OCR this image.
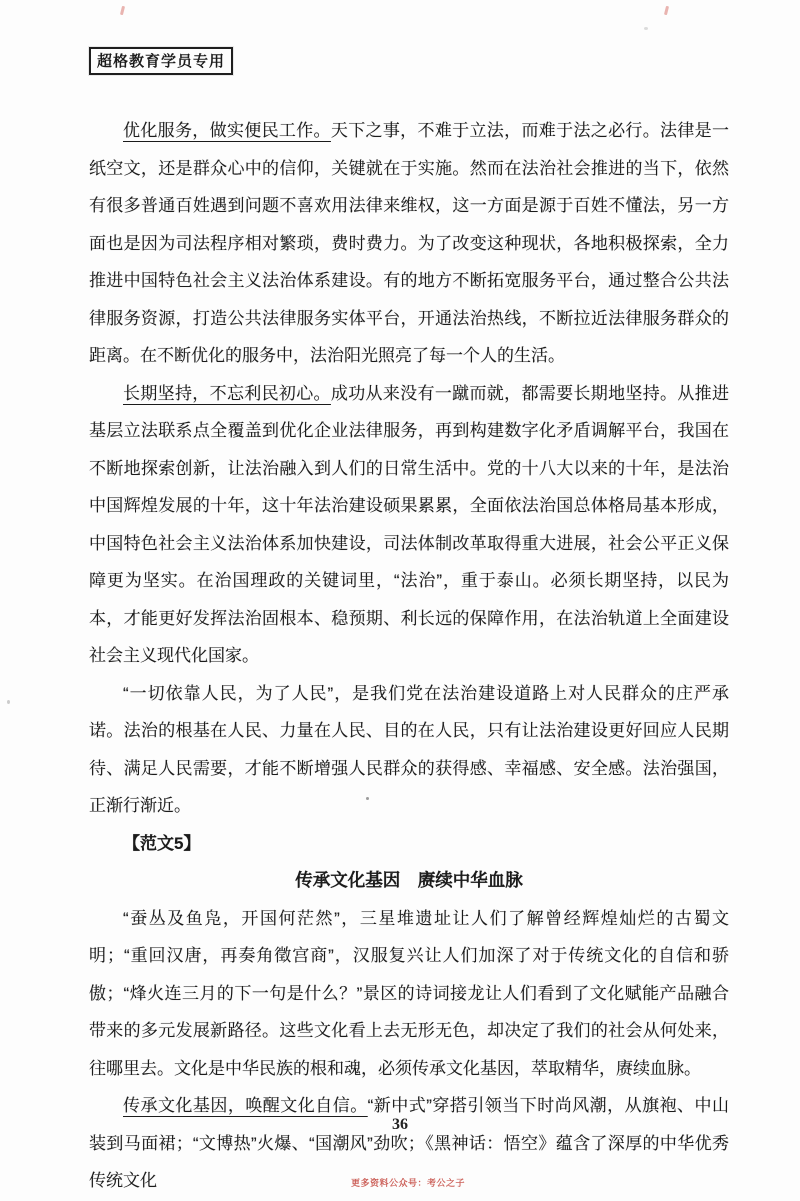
超格教育学员专用

优化服务，做实便民工作。天下之事，不难于立法，而难于法之必行。法律是一纸空文，还是群众心中的信仰，关键就在于实施。然而在法治社会推进的当下，依然有很多普通百姓遇到问题不喜欢用法律来维权，这一方面是源于百姓不懂法，另一方面也是因为司法程序相对繁琐，费时费力。为了改变这种现状，各地积极探索，全力推进中国特色社会主义法治体系建设。有的地方不断拓宽服务平台，通过整合公共法律服务资源，打造公共法律服务实体平台，开通法治热线，不断拉近法律服务群众的距离。在不断优化的服务中，法治阳光照亮了每一个人的生活。

长期坚持，不忘利民初心。成功从来没有一蹴而就，都需要长期地坚持。从推进基层立法联系点全覆盖到优化企业法律服务，再到构建数字化矛盾调解平台，我国在不断地探索创新，让法治融入到人们的日常生活中。党的十八大以来的十年，是法治中国辉煌发展的十年，这十年法治建设硕果累累，全面依法治国总体格局基本形成，中国特色社会主义法治体系加快建设，司法体制改革取得重大进展，社会公平正义保障更为坚实。在治国理政的关键词里，“法治”，重于泰山。必须长期坚持，以民为本，才能更好发挥法治固根本、稳预期、利长远的保障作用，在法治轨道上全面建设社会主义现代化国家。

“一切依靠人民，为了人民”，是我们党在法治建设道路上对人民群众的庄严承诺。法治的根基在人民、力量在人民、目的在人民，只有让法治建设更好回应人民期待、满足人民需要，才能不断增强人民群众的获得感、幸福感、安全感。法治强国，正渐行渐近。

【范文5】

传承文化基因　赓续中华血脉

“蚕丛及鱼凫，开国何茫然”，三星堆遗址让人们了解曾经辉煌灿烂的古蜀文明；“重回汉唐，再奏角徵宫商”，汉服复兴让人们加深了对于传统文化的自信和骄傲；“烽火连三月的下一句是什么？”景区的诗词接龙让人们看到了文化赋能产品融合带来的多元发展新路径。这些文化看上去无形无色，却决定了我们的社会从何处来，往哪里去。文化是中华民族的根和魂，必须传承文化基因，萃取精华，赓续血脉。

传承文化基因，唤醒文化自信。“新中式”穿搭引领当下时尚风潮，从旗袍、中山装到马面裙；“文博热”火爆、“国潮风”劲吹；《黑神话：悟空》蕴含了深厚的中华优秀传统文化

36
更多资料公众号：考公之子
